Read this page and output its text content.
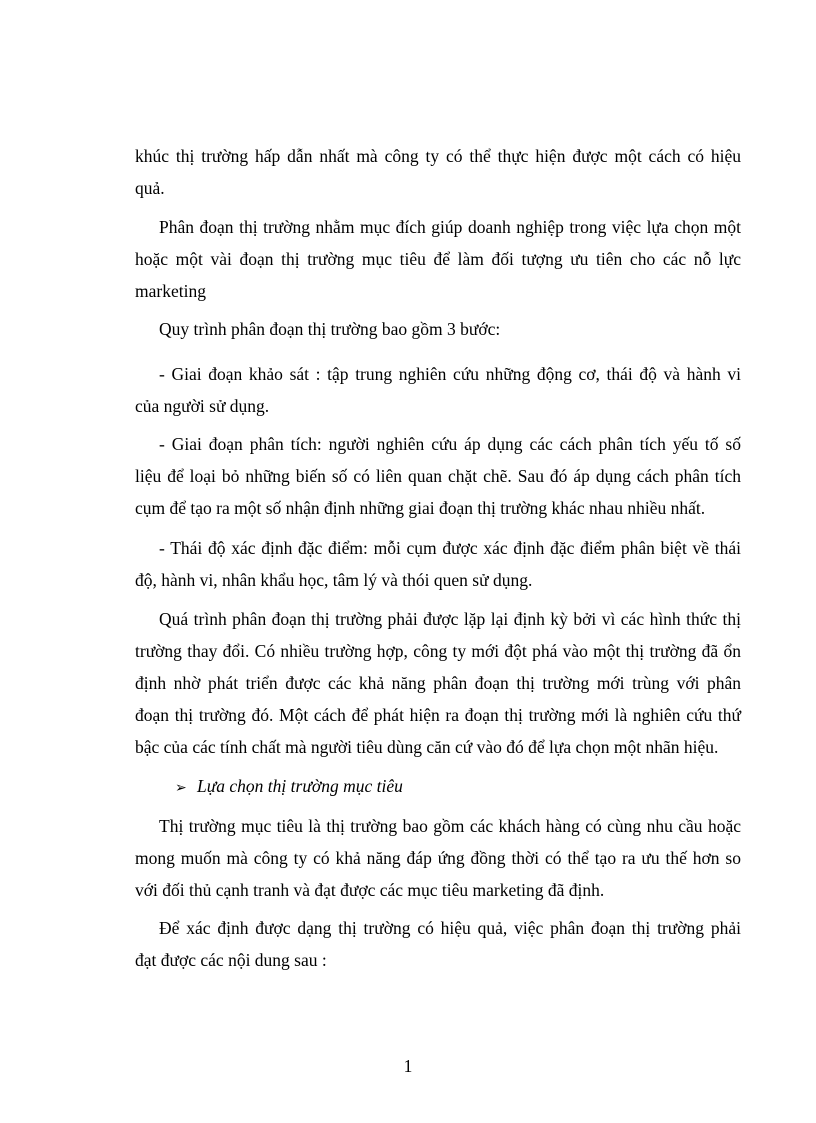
khúc thị trường hấp dẫn nhất mà công ty có thể thực hiện được một cách có hiệu
quả.
Phân đoạn thị trường nhằm mục đích giúp doanh nghiệp trong việc lựa chọn một
hoặc một vài đoạn thị trường mục tiêu để làm đối tượng ưu tiên cho các nỗ lực
marketing
Quy trình phân đoạn thị trường bao gồm 3 bước:
- Giai đoạn khảo sát : tập trung nghiên cứu những động cơ, thái độ và hành vi
của người sử dụng.
- Giai đoạn phân tích: người nghiên cứu áp dụng các cách phân tích yếu tố số
liệu để loại bỏ những biến số có liên quan chặt chẽ. Sau đó áp dụng cách phân tích
cụm để tạo ra một số nhận định những giai đoạn thị trường khác nhau nhiều nhất.
- Thái độ xác định đặc điểm: mỗi cụm được xác định đặc điểm phân biệt về thái
độ, hành vi, nhân khẩu học, tâm lý và thói quen sử dụng.
Quá trình phân đoạn thị trường phải được lặp lại định kỳ bởi vì các hình thức thị
trường thay đổi. Có nhiều trường hợp, công ty mới đột phá vào một thị trường đã ổn
định nhờ phát triển được các khả năng phân đoạn thị trường mới trùng với phân
đoạn thị trường đó. Một cách để phát hiện ra đoạn thị trường mới là nghiên cứu thứ
bậc của các tính chất mà người tiêu dùng căn cứ vào đó để lựa chọn một nhãn hiệu.
➢ Lựa chọn thị trường mục tiêu
Thị trường mục tiêu là thị trường bao gồm các khách hàng có cùng nhu cầu hoặc
mong muốn mà công ty có khả năng đáp ứng đồng thời có thể tạo ra ưu thế hơn so
với đối thủ cạnh tranh và đạt được các mục tiêu marketing đã định.
Để xác định được dạng thị trường có hiệu quả, việc phân đoạn thị trường phải
đạt được các nội dung sau :
1
